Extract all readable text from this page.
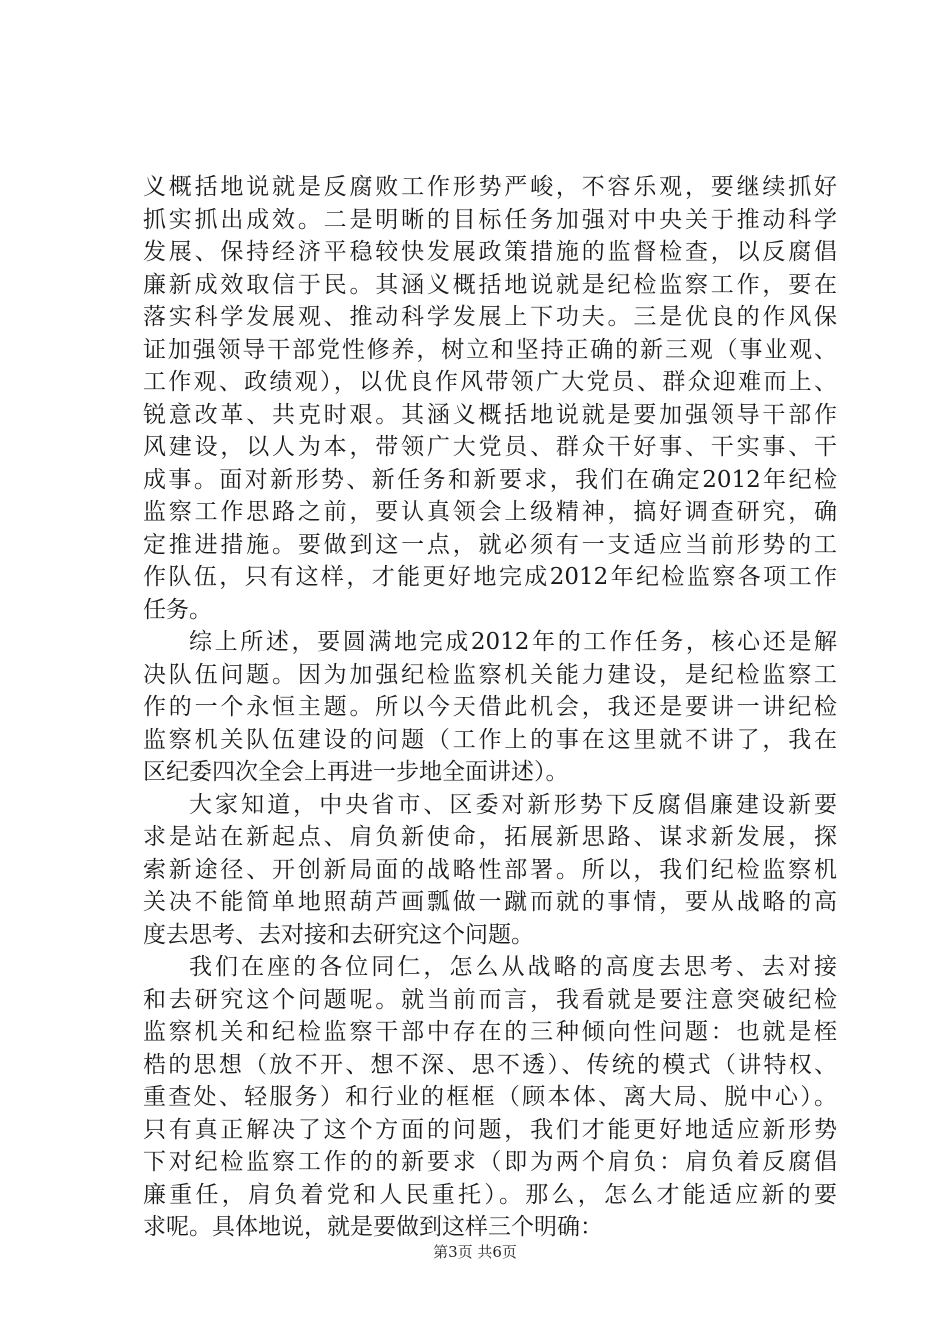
义概括地说就是反腐败工作形势严峻，不容乐观，要继续抓好
抓实抓出成效。二是明晰的目标任务加强对中央关于推动科学
发展、保持经济平稳较快发展政策措施的监督检查，以反腐倡
廉新成效取信于民。其涵义概括地说就是纪检监察工作，要在
落实科学发展观、推动科学发展上下功夫。三是优良的作风保
证加强领导干部党性修养，树立和坚持正确的新三观（事业观、
工作观、政绩观），以优良作风带领广大党员、群众迎难而上、
锐意改革、共克时艰。其涵义概括地说就是要加强领导干部作
风建设，以人为本，带领广大党员、群众干好事、干实事、干
成事。面对新形势、新任务和新要求，我们在确定2012年纪检
监察工作思路之前，要认真领会上级精神，搞好调查研究，确
定推进措施。要做到这一点，就必须有一支适应当前形势的工
作队伍，只有这样，才能更好地完成2012年纪检监察各项工作
任务。
综上所述，要圆满地完成2012年的工作任务，核心还是解
决队伍问题。因为加强纪检监察机关能力建设，是纪检监察工
作的一个永恒主题。所以今天借此机会，我还是要讲一讲纪检
监察机关队伍建设的问题（工作上的事在这里就不讲了，我在
区纪委四次全会上再进一步地全面讲述）。
大家知道，中央省市、区委对新形势下反腐倡廉建设新要
求是站在新起点、肩负新使命，拓展新思路、谋求新发展，探
索新途径、开创新局面的战略性部署。所以，我们纪检监察机
关决不能简单地照葫芦画瓢做一蹴而就的事情，要从战略的高
度去思考、去对接和去研究这个问题。
我们在座的各位同仁，怎么从战略的高度去思考、去对接
和去研究这个问题呢。就当前而言，我看就是要注意突破纪检
监察机关和纪检监察干部中存在的三种倾向性问题：也就是桎
梏的思想（放不开、想不深、思不透）、传统的模式（讲特权、
重查处、轻服务）和行业的框框（顾本体、离大局、脱中心）。
只有真正解决了这个方面的问题，我们才能更好地适应新形势
下对纪检监察工作的的新要求（即为两个肩负：肩负着反腐倡
廉重任，肩负着党和人民重托）。那么，怎么才能适应新的要
求呢。具体地说，就是要做到这样三个明确：
第3页 共6页
